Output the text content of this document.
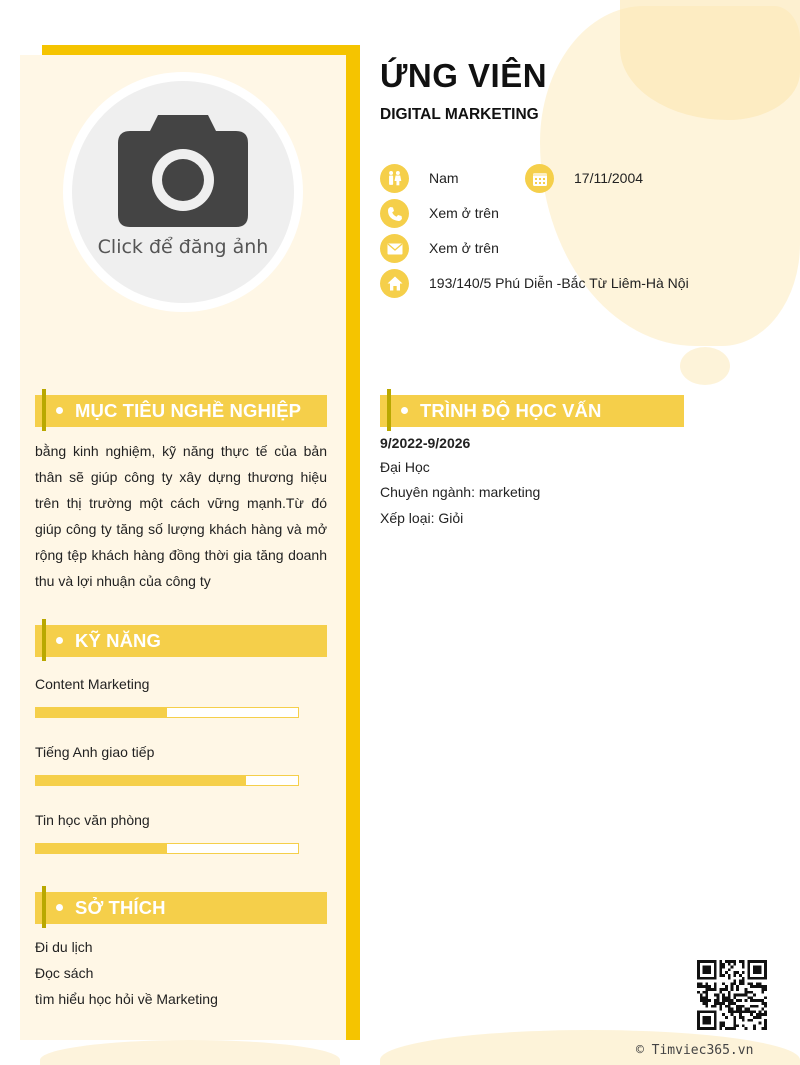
Click để đăng ảnh
MỤC TIÊU NGHỀ NGHIỆP
bằng kinh nghiệm, kỹ năng thực tế của bản thân sẽ giúp công ty xây dựng thương hiệu trên thị trường một cách vững mạnh.Từ đó giúp công ty tăng số lượng khách hàng và mở rộng tệp khách hàng đồng thời gia tăng doanh thu và lợi nhuận của công ty
KỸ NĂNG
Content Marketing
Tiếng Anh giao tiếp
Tin học văn phòng
SỞ THÍCH
Đi du lịch
Đọc sách
tìm hiểu học hỏi về Marketing
ỨNG VIÊN
DIGITAL MARKETING
Nam	17/11/2004
Xem ở trên
Xem ở trên
193/140/5 Phú Diễn -Bắc Từ Liêm-Hà Nội
TRÌNH ĐỘ HỌC VẤN
9/2022-9/2026
Đại Học
Chuyên ngành: marketing
Xếp loại: Giỏi
© Timviec365.vn
